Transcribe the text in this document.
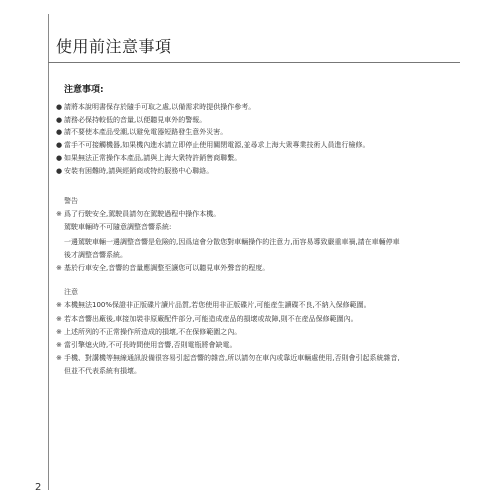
使用前注意事項
注意事項:
● 請將本說明書保存於隨手可取之處,以備需求時提供操作參考。
● 請務必保持較低的音量,以便聽見車外的警報。
● 請不要使本產品受潮,以避免電器短路發生意外災害。
● 當手不可接觸機器,如果機內進水請立即停止使用關閉電源,並尋求上海大衆專業技術人員進行檢修。
● 如果無法正常操作本產品,請與上海大衆特許銷售商聯繫。
● 安裝有困難時,請與經銷商或特約服務中心聯絡。
警告
※ 爲了行駛安全,駕駛員請勿在駕駛過程中操作本機。
駕駛車輛時不可隨意調整音響系統:
一邊駕駛車輛一邊調整音響是危險的,因爲這會分散您對車輛操作的注意力,而容易導致嚴重車禍,請在車輛停車
後才調整音響系統。
※ 基於行車安全,音響的音量應調整至讓您可以聽見車外聲音的程度。
注意
※ 本機無法100%保證非正版碟片讀片品質,若您使用非正版碟片,可能産生讀碟不良,不納入保修範圍。
※ 若本音響出廠後,車接加裝非原廠配件部分,可能造成産品的損壞或故障,則不在産品保修範圍內。
※ 上述所列的不正常操作所造成的損壞,不在保修範圍之內。
※ 當引擎熄火時,不可長時間使用音響,否則電瓶將會缺電。
※ 手機、對講機等無線通訊設備很容易引起音響的雜音,所以請勿在車內或靠近車輛處使用,否則會引起系統雜音,
但並不代表系統有損壞。
2
